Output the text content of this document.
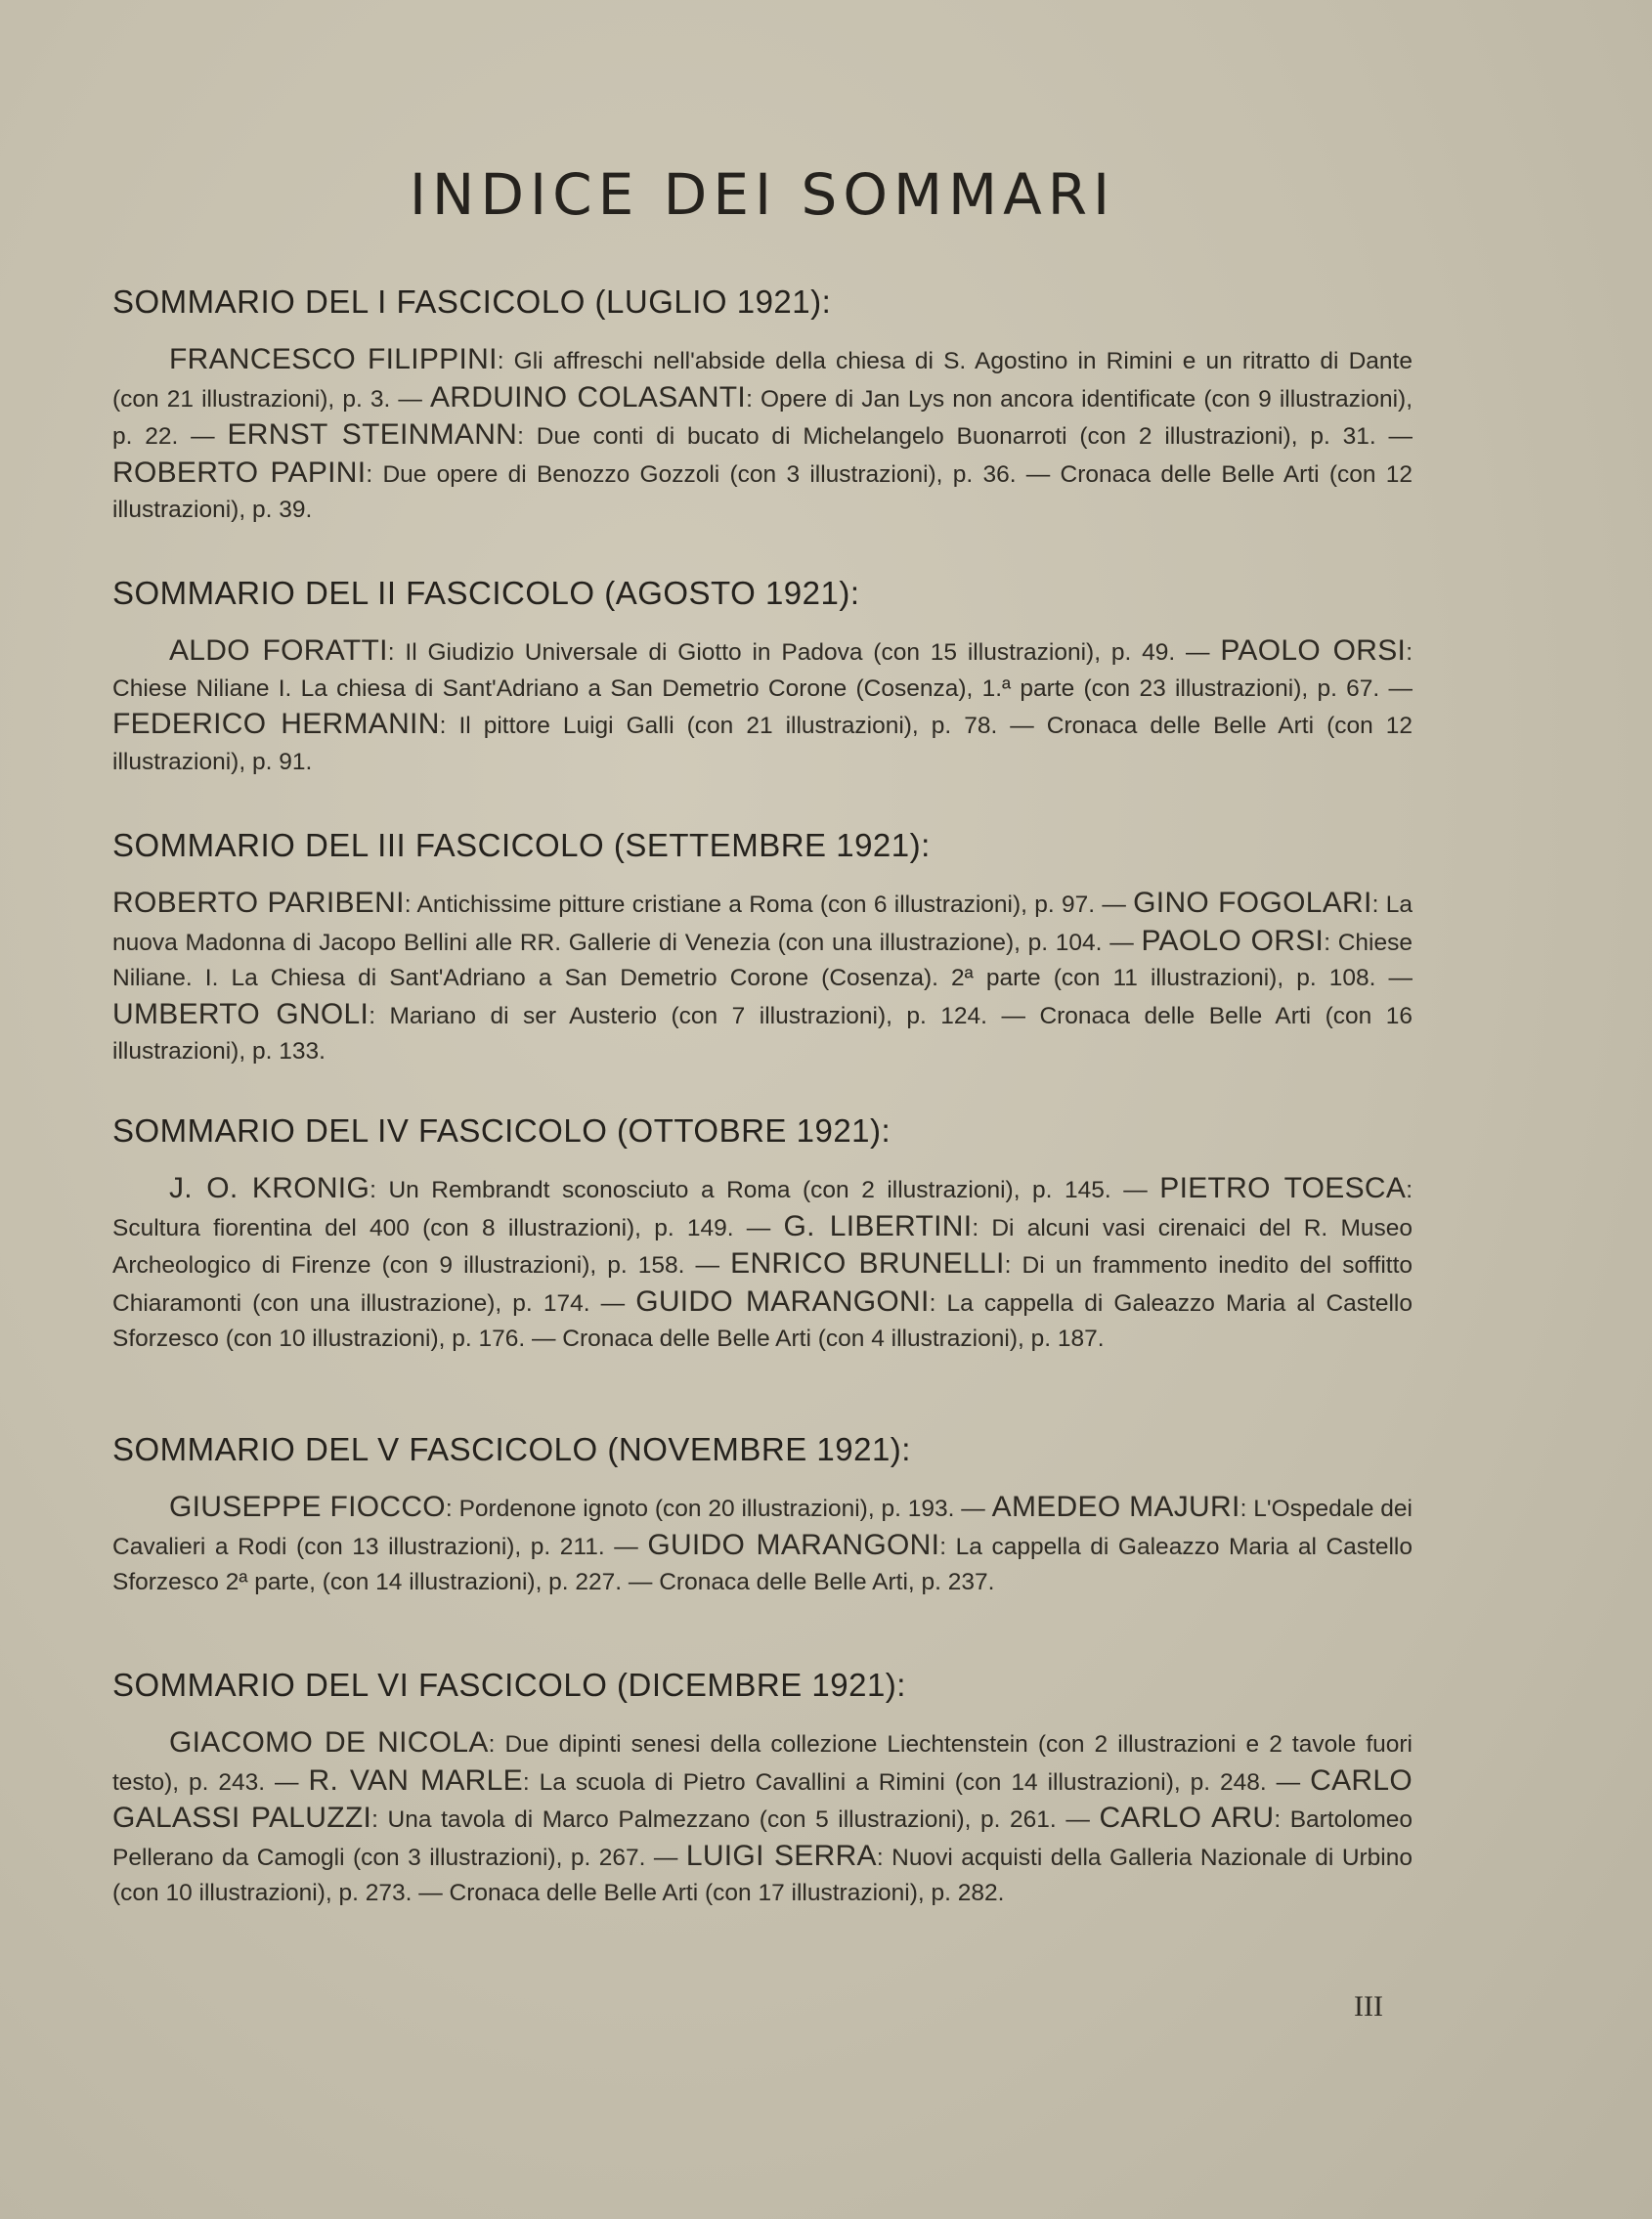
INDICE DEI SOMMARI
SOMMARIO DEL I FASCICOLO (LUGLIO 1921):

FRANCESCO FILIPPINI: Gli affreschi nell'abside della chiesa di S. Agostino in Rimini e un ritratto di Dante (con 21 illustrazioni), p. 3. — ARDUINO COLASANTI: Opere di Jan Lys non ancora identificate (con 9 illustrazioni), p. 22. — ERNST STEINMANN: Due conti di bucato di Michelangelo Buonarroti (con 2 illustrazioni), p. 31. — ROBERTO PAPINI: Due opere di Benozzo Gozzoli (con 3 illustrazioni), p. 36. — Cronaca delle Belle Arti (con 12 illustrazioni), p. 39.

SOMMARIO DEL II FASCICOLO (AGOSTO 1921):

ALDO FORATTI: Il Giudizio Universale di Giotto in Padova (con 15 illustrazioni), p. 49. — PAOLO ORSI: Chiese Niliane I. La chiesa di Sant'Adriano a San Demetrio Corone (Cosenza), 1.ª parte (con 23 illustrazioni), p. 67. — FEDERICO HERMANIN: Il pittore Luigi Galli (con 21 illustrazioni), p. 78. — Cronaca delle Belle Arti (con 12 illustrazioni), p. 91.

SOMMARIO DEL III FASCICOLO (SETTEMBRE 1921):

ROBERTO PARIBENI: Antichissime pitture cristiane a Roma (con 6 illustrazioni), p. 97. — GINO FOGOLARI: La nuova Madonna di Jacopo Bellini alle RR. Gallerie di Venezia (con una illustrazione), p. 104. — PAOLO ORSI: Chiese Niliane. I. La Chiesa di Sant'Adriano a San Demetrio Corone (Cosenza). 2ª parte (con 11 illustrazioni), p. 108. — UMBERTO GNOLI: Mariano di ser Austerio (con 7 illustrazioni), p. 124. — Cronaca delle Belle Arti (con 16 illustrazioni), p. 133.

SOMMARIO DEL IV FASCICOLO (OTTOBRE 1921):

J. O. KRONIG: Un Rembrandt sconosciuto a Roma (con 2 illustrazioni), p. 145. — PIETRO TOESCA: Scultura fiorentina del 400 (con 8 illustrazioni), p. 149. — G. LIBERTINI: Di alcuni vasi cirenaici del R. Museo Archeologico di Firenze (con 9 illustrazioni), p. 158. — ENRICO BRUNELLI: Di un frammento inedito del soffitto Chiaramonti (con una illustrazione), p. 174. — GUIDO MARANGONI: La cappella di Galeazzo Maria al Castello Sforzesco (con 10 illustrazioni), p. 176. — Cronaca delle Belle Arti (con 4 illustrazioni), p. 187.

SOMMARIO DEL V FASCICOLO (NOVEMBRE 1921):

GIUSEPPE FIOCCO: Pordenone ignoto (con 20 illustrazioni), p. 193. — AMEDEO MAJURI: L'Ospedale dei Cavalieri a Rodi (con 13 illustrazioni), p. 211. — GUIDO MARANGONI: La cappella di Galeazzo Maria al Castello Sforzesco 2ª parte, (con 14 illustrazioni), p. 227. — Cronaca delle Belle Arti, p. 237.

SOMMARIO DEL VI FASCICOLO (DICEMBRE 1921):

GIACOMO DE NICOLA: Due dipinti senesi della collezione Liechtenstein (con 2 illustrazioni e 2 tavole fuori testo), p. 243. — R. VAN MARLE: La scuola di Pietro Cavallini a Rimini (con 14 illustrazioni), p. 248. — CARLO GALASSI PALUZZI: Una tavola di Marco Palmezzano (con 5 illustrazioni), p. 261. — CARLO ARU: Bartolomeo Pellerano da Camogli (con 3 illustrazioni), p. 267. — LUIGI SERRA: Nuovi acquisti della Galleria Nazionale di Urbino (con 10 illustrazioni), p. 273. — Cronaca delle Belle Arti (con 17 illustrazioni), p. 282.

III
